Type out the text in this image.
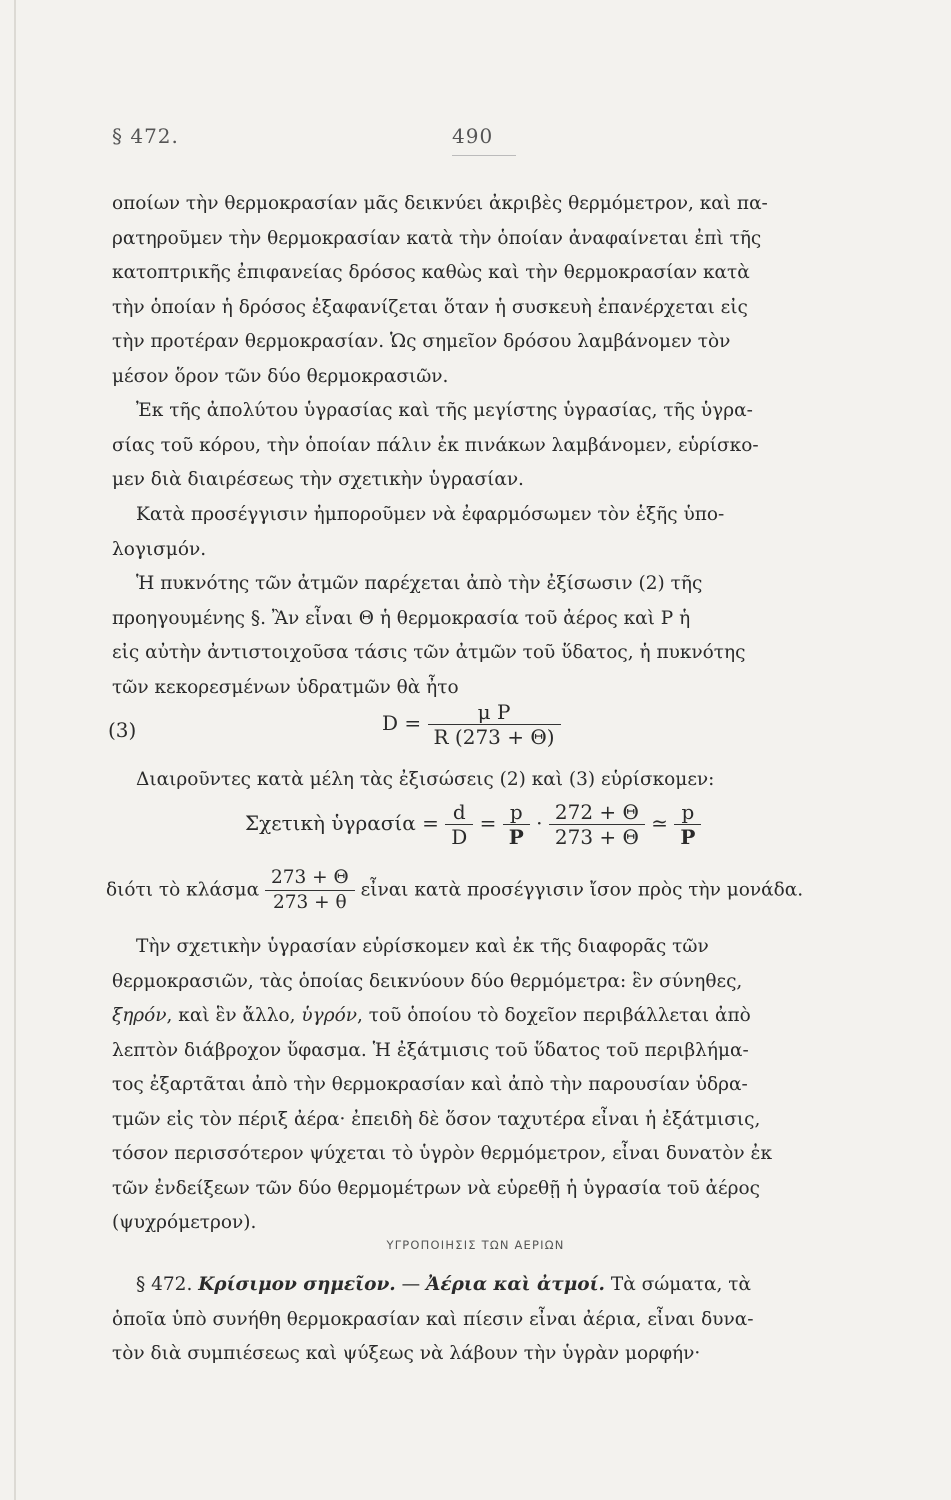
§ 472.	490
οπoίων τὴν θερμοκρασίαν μᾶς δεικνύει ἀκριβὲς θερμόμετρον, καὶ πα-
ρατηροῦμεν τὴν θερμοκρασίαν κατὰ τὴν ὁποίαν ἀναφαίνεται ἐπὶ τῆς
κατοπτρικῆς ἐπιφανείας δρόσος καθὼς καὶ τὴν θερμοκρασίαν κατὰ
τὴν ὁποίαν ἡ δρόσος ἐξαφανίζεται ὅταν ἡ συσκευὴ ἐπανέρχεται εἰς
τὴν προτέραν θερμοκρασίαν. Ὡς σημεῖον δρόσου λαμβάνομεν τὸν
μέσον ὅρον τῶν δύο θερμοκρασιῶν.
Ἐκ τῆς ἀπολύτου ὑγρασίας καὶ τῆς μεγίστης ὑγρασίας, τῆς ὑγρα-
σίας τοῦ κόρου, τὴν ὁποίαν πάλιν ἐκ πινάκων λαμβάνομεν, εὑρίσκο-
μεν διὰ διαιρέσεως τὴν σχετικὴν ὑγρασίαν.
Κατὰ προσέγγισιν ἠμποροῦμεν νὰ ἐφαρμόσωμεν τὸν ἑξῆς ὑπο-
λογισμόν.
Ἡ πυκνότης τῶν ἀτμῶν παρέχεται ἀπὸ τὴν ἐξίσωσιν (2) τῆς
προηγουμένης §. Ἂν εἶναι Θ ἡ θερμοκρασία τοῦ ἀέρος καὶ P ἡ
εἰς αὐτὴν ἀντιστοιχοῦσα τάσις τῶν ἀτμῶν τοῦ ὕδατος, ἡ πυκνότης
τῶν κεκορεσμένων ὑδρατμῶν θὰ ἦτο
(3)	$D = \frac{\text{μ P}}{R (273 + \Theta)}$
Διαιροῦντες κατὰ μέλη τὰς ἐξισώσεις (2) καὶ (3) εὑρίσκομεν:
Σχετικὴ ὑγρασία = $\frac{d}{D} = \frac{p}{P} \cdot \frac{272 + \Theta}{273 + \Theta}$ ≃ $\frac{p}{P}$
διότι τὸ κλάσμα $\frac{273 + \Theta}{273 + \theta}$ εἶναι κατὰ προσέγγισιν ἴσον πρὸς τὴν μονάδα.
Τὴν σχετικὴν ὑγρασίαν εὑρίσκομεν καὶ ἐκ τῆς διαφορᾶς τῶν
θερμοκρασιῶν, τὰς ὁποίας δεικνύουν δύο θερμόμετρα: ἓν σύνηθες,
ξηρόν, καὶ ἓν ἄλλο, ὑγρόν, τοῦ ὁποίου τὸ δοχεῖον περιβάλλεται ἀπὸ
λεπτὸν διάβροχον ὕφασμα. Ἡ ἐξάτμισις τοῦ ὕδατος τοῦ περιβλήμα-
τος ἐξαρτᾶται ἀπὸ τὴν θερμοκρασίαν καὶ ἀπὸ τὴν παρουσίαν ὑδρα-
τμῶν εἰς τὸν πέριξ ἀέρα· ἐπειδὴ δὲ ὅσον ταχυτέρα εἶναι ἡ ἐξάτμισις,
τόσον περισσότερον ψύχεται τὸ ὑγρὸν θερμόμετρον, εἶναι δυνατὸν ἐκ
τῶν ἐνδείξεων τῶν δύο θερμομέτρων νὰ εὑρεθῇ ἡ ὑγρασία τοῦ ἀέρος
(ψυχρόμετρον).
ΥΓΡΟΠΟΙΗΣΙΣ ΤΩΝ ΑΕΡΙΩΝ
§ 472. Κρίσιμον σημεῖον. — Ἀέρια καὶ ἀτμοί. Τὰ σώματα, τὰ
ὁποῖα ὑπὸ συνήθη θερμοκρασίαν καὶ πίεσιν εἶναι ἀέρια, εἶναι δυνα-
τὸν διὰ συμπιέσεως καὶ ψύξεως νὰ λάβουν τὴν ὑγρὰν μορφήν·
